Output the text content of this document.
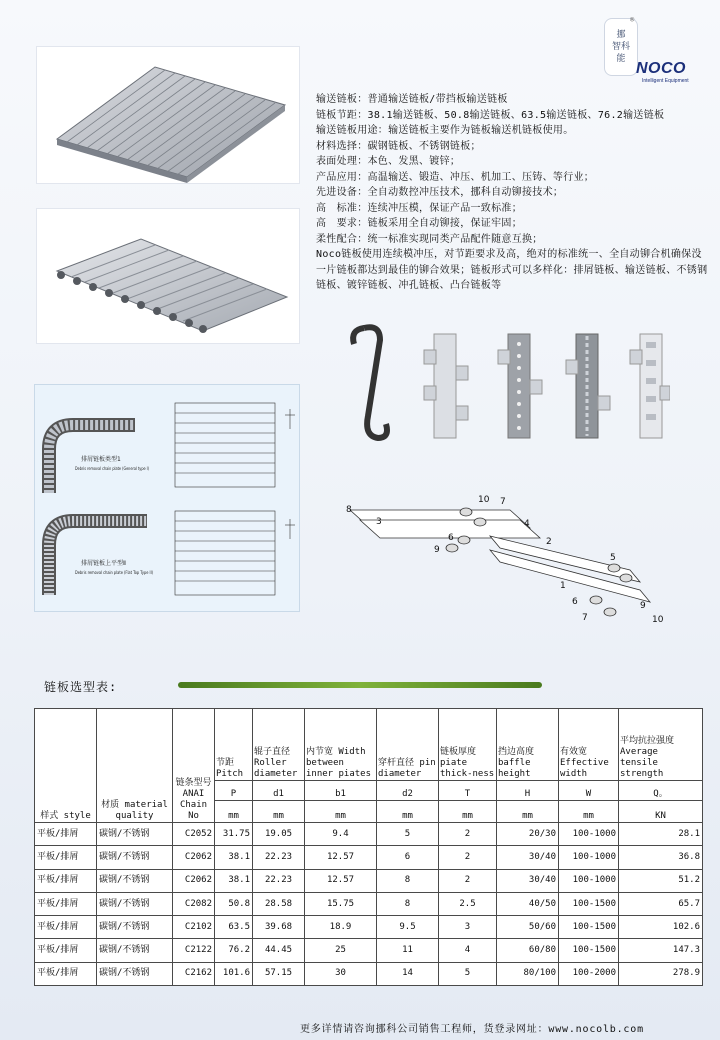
挪
智科
能
®
NOCO
Intelligent Equipment
输送链板：普通输送链板/带挡板输送链板
链板节距：38.1输送链板、50.8输送链板、63.5输送链板、76.2输送链板
输送链板用途：输送链板主要作为链板输送机链板使用。
材料选择：碳钢链板、不锈钢链板；
表面处理：本色、发黑、镀锌；
产品应用：高温输送、锻造、冲压、机加工、压铸、等行业；
先进设备：全自动数控冲压技术，挪科自动铆接技术；
高　标准：连续冲压模，保证产品一致标准；
高　要求：链板采用全自动铆接，保证牢固；
柔性配合：统一标准实现同类产品配件随意互换；
Noco链板使用连续模冲压，对节距要求及高，绝对的标准统一、全自动铆合机确保没一片链板都达到最佳的铆合效果；链板形式可以多样化：排屑链板、输送链板、不锈钢链板、镀锌链板、冲孔链板、凸台链板等
排屑链板类型1
Debris removal chain plate (General type I)
排屑链板上平型Ⅱ
Debris removal chain plate (Flat Top Type II)
8
3
10 7
4
9
6	2
1
5
6
7
9
10
链板选型表:
样式 style	材质 material quality	链条型号ANAI Chain No	节距 Pitch	辊子直径 Roller diameter	内节宽 Width between inner piates	穿杆直径 pin diameter	链板厚度 piate thick-ness	挡边高度 baffle height	有效宽 Effective width	平均抗拉强度 Average tensile strength
			P	d1	b1	d2	T	H	W	Q。
			mm	mm	mm	mm	mm	mm	mm	KN
平板/排屑	碳钢/不锈钢	C2052	31.75	19.05	9.4	5	2	20/30	100-1000	28.1
平板/排屑	碳钢/不锈钢	C2062	38.1	22.23	12.57	6	2	30/40	100-1000	36.8
平板/排屑	碳钢/不锈钢	C2062	38.1	22.23	12.57	8	2	30/40	100-1000	51.2
平板/排屑	碳钢/不锈钢	C2082	50.8	28.58	15.75	8	2.5	40/50	100-1500	65.7
平板/排屑	碳钢/不锈钢	C2102	63.5	39.68	18.9	9.5	3	50/60	100-1500	102.6
平板/排屑	碳钢/不锈钢	C2122	76.2	44.45	25	11	4	60/80	100-1500	147.3
平板/排屑	碳钢/不锈钢	C2162	101.6	57.15	30	14	5	80/100	100-2000	278.9
更多详情请咨询挪科公司销售工程师，货登录网址：www.nocolb.com
